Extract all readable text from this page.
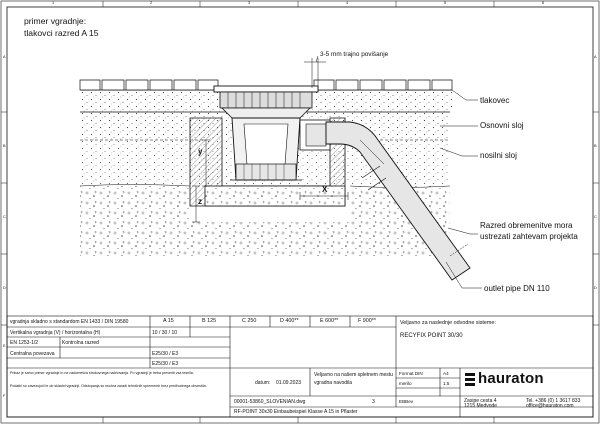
1	2	3	4	5	6
A
B
C
D
E
F
A
B
C
D
primer vgradnje:
tlakovci razred A 15
3-5 mm trajno povišanje
tlakovec
Osnovni sloj
nosilni sloj
Razred obremenitve mora
ustrezati zahtevam projekta
outlet pipe DN 110
y
z
X
vgradnja skladno s standardom EN 1433 / DIN 19580	A 15	B 125	C 250	D 400**	E 600**	F 900**
Vertikalna vgradnja (V) / horizontalna (H)	10 / 30 / 10
EN 1253-1/2	Kontrolna razred
Centralna povezava	E25/30 / E3
E25/30 / E3
Prikaz je samo primer vgradnje in ne nadomešča strokovnega načrtovanja. Po vgradnji je treba preveriti vsa tesnila.
Podatki so zavezujoči le ob skladni vgradnji. Odstopanja so možna zaradi tehničnih sprememb brez predhodnega obvestila.	datum: 01.09.2023
Veljavno na našem spletnem mestu
vgradna navodila
00001-53860_SLOVENIAN.dwg	3
RF-POINT 30x30 Einbaubeispiel Klasse A 15 in Pflaster
Veljavno za naslednje odvodne sisteme:
RECYFIX POINT 30/30
Format DIN	A4
merilo	1:5
EBBev
hauraton
Zasipe cesta 4
1215 Medvode
Tel. +386 (0) 1 3617 833
office@hauraton.com
